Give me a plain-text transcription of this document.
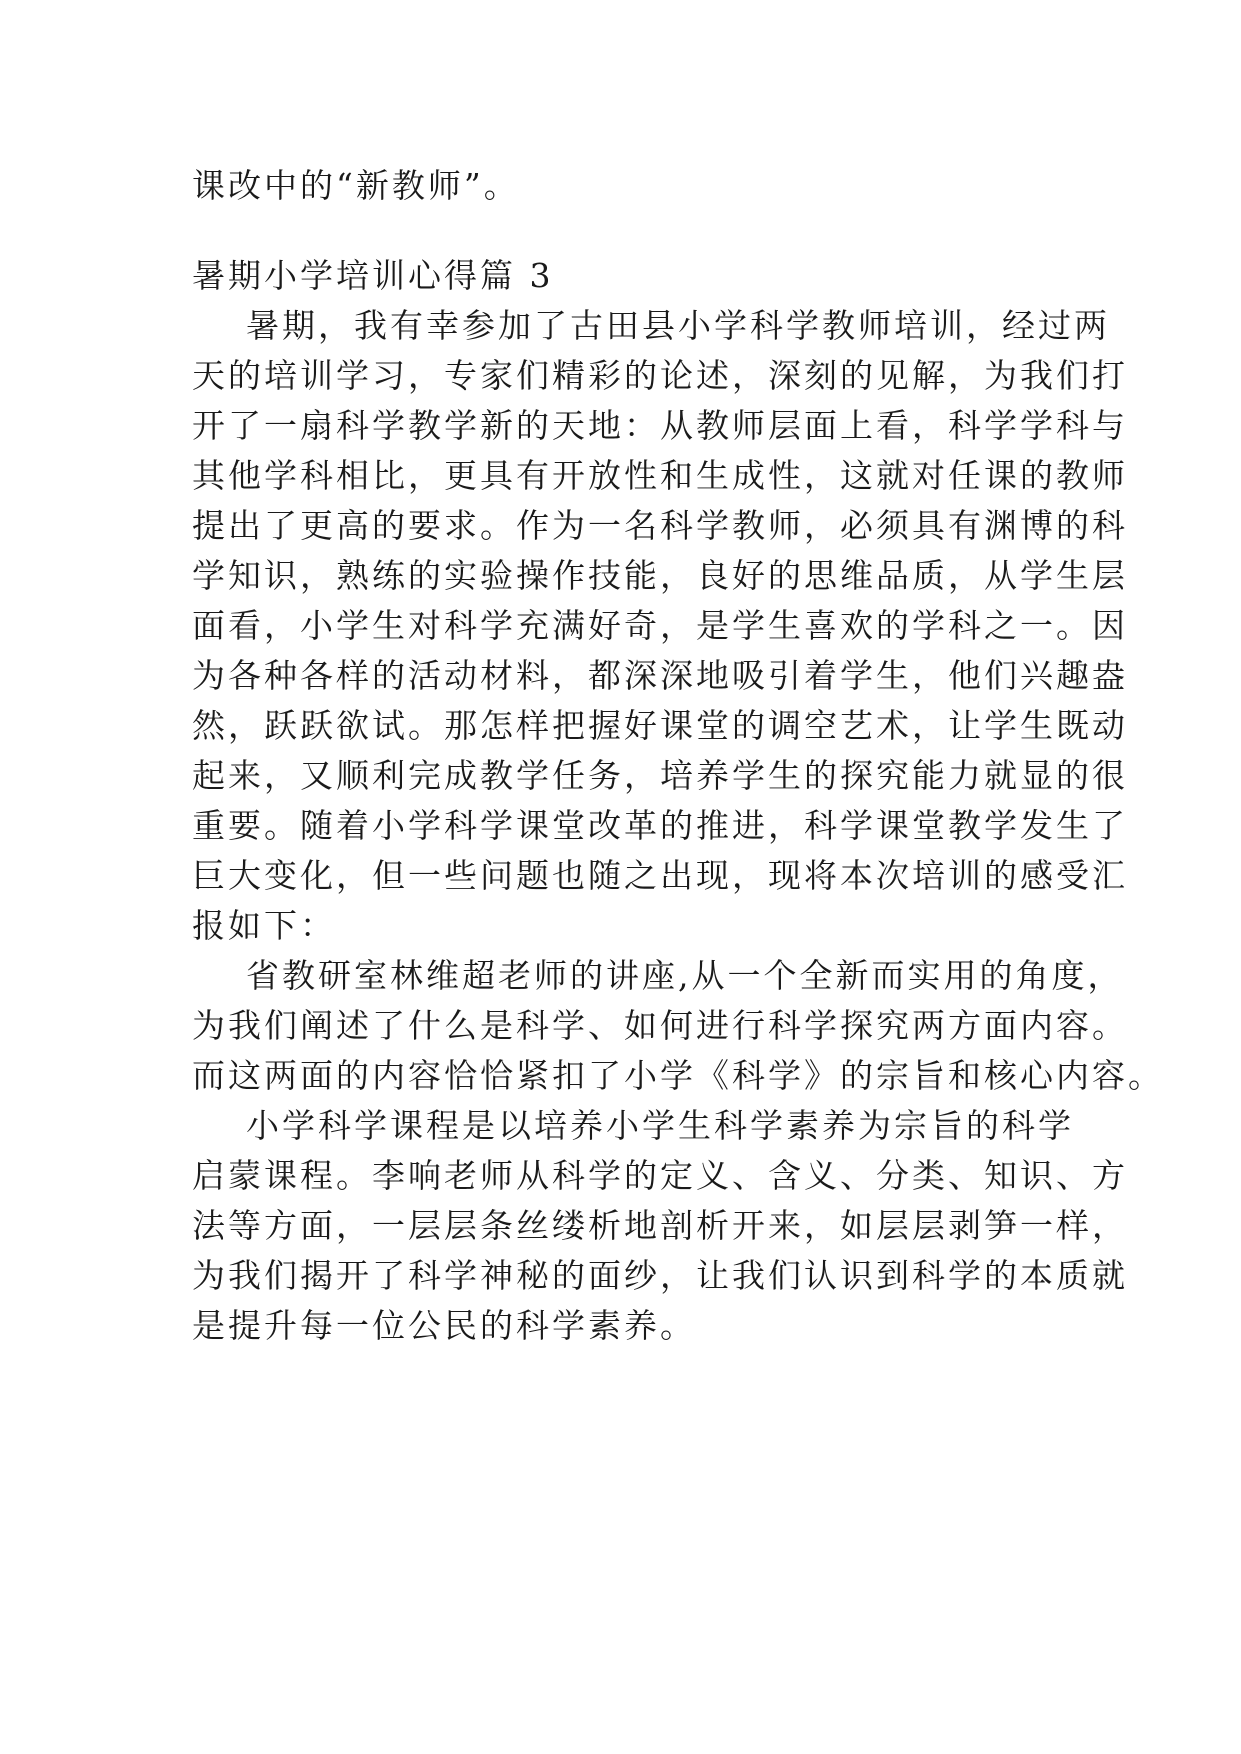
课改中的“新教师”。
暑期小学培训心得篇 3
暑期，我有幸参加了古田县小学科学教师培训，经过两
天的培训学习，专家们精彩的论述，深刻的见解，为我们打
开了一扇科学教学新的天地：从教师层面上看，科学学科与
其他学科相比，更具有开放性和生成性，这就对任课的教师
提出了更高的要求。作为一名科学教师，必须具有渊博的科
学知识，熟练的实验操作技能，良好的思维品质，从学生层
面看，小学生对科学充满好奇，是学生喜欢的学科之一。因
为各种各样的活动材料，都深深地吸引着学生，他们兴趣盎
然，跃跃欲试。那怎样把握好课堂的调空艺术，让学生既动
起来，又顺利完成教学任务，培养学生的探究能力就显的很
重要。随着小学科学课堂改革的推进，科学课堂教学发生了
巨大变化，但一些问题也随之出现，现将本次培训的感受汇
报如下：
省教研室林维超老师的讲座,从一个全新而实用的角度，
为我们阐述了什么是科学、如何进行科学探究两方面内容。
而这两面的内容恰恰紧扣了小学《科学》的宗旨和核心内容。
小学科学课程是以培养小学生科学素养为宗旨的科学
启蒙课程。李响老师从科学的定义、含义、分类、知识、方
法等方面，一层层条丝缕析地剖析开来，如层层剥笋一样，
为我们揭开了科学神秘的面纱，让我们认识到科学的本质就
是提升每一位公民的科学素养。
